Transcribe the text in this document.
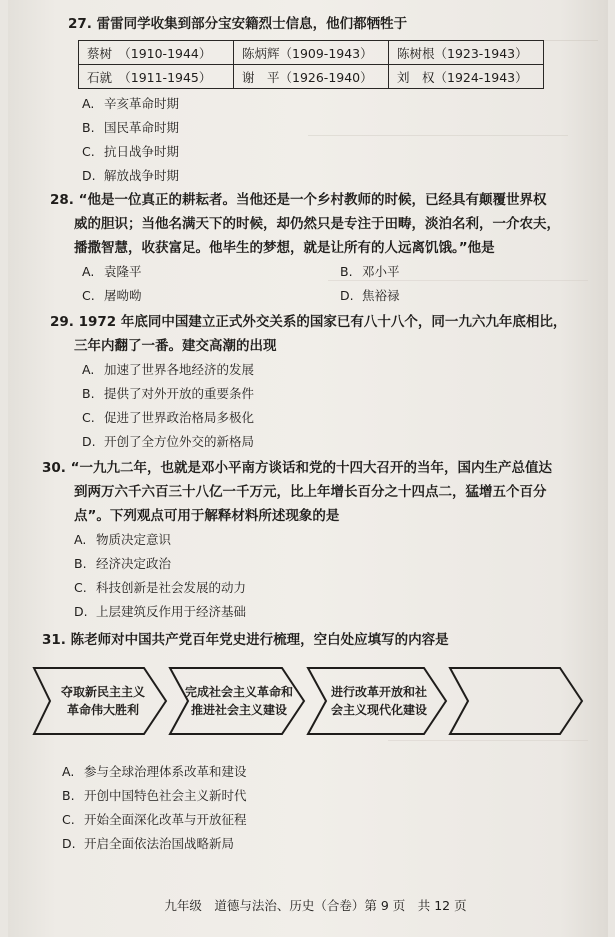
27. 雷雷同学收集到部分宝安籍烈士信息，他们都牺牲于
蔡树　（1910-1944）	陈炳辉（1909-1943）	陈树根（1923-1943）
石就　（1911-1945）	谢　平（1926-1940）	刘　权（1924-1943）
A. 辛亥革命时期
B. 国民革命时期
C. 抗日战争时期
D. 解放战争时期
28. “他是一位真正的耕耘者。当他还是一个乡村教师的时候，已经具有颠覆世界权
威的胆识；当他名满天下的时候，却仍然只是专注于田畴，淡泊名利，一介农夫，
播撒智慧，收获富足。他毕生的梦想，就是让所有的人远离饥饿。”他是
A. 袁隆平	B. 邓小平
C. 屠呦呦	D. 焦裕禄
29. 1972 年底同中国建立正式外交关系的国家已有八十八个，同一九六九年底相比，
三年内翻了一番。建交高潮的出现
A. 加速了世界各地经济的发展
B. 提供了对外开放的重要条件
C. 促进了世界政治格局多极化
D. 开创了全方位外交的新格局
30. “一九九二年，也就是邓小平南方谈话和党的十四大召开的当年，国内生产总值达
到两万六千六百三十八亿一千万元，比上年增长百分之十四点二，猛增五个百分
点”。下列观点可用于解释材料所述现象的是
A. 物质决定意识
B. 经济决定政治
C. 科技创新是社会发展的动力
D. 上层建筑反作用于经济基础
31. 陈老师对中国共产党百年党史进行梳理，空白处应填写的内容是
夺取新民主主义
革命伟大胜利
完成社会主义革命和
推进社会主义建设
进行改革开放和社
会主义现代化建设
A. 参与全球治理体系改革和建设
B. 开创中国特色社会主义新时代
C. 开始全面深化改革与开放征程
D. 开启全面依法治国战略新局
九年级　道德与法治、历史（合卷）第 9 页　共 12 页
